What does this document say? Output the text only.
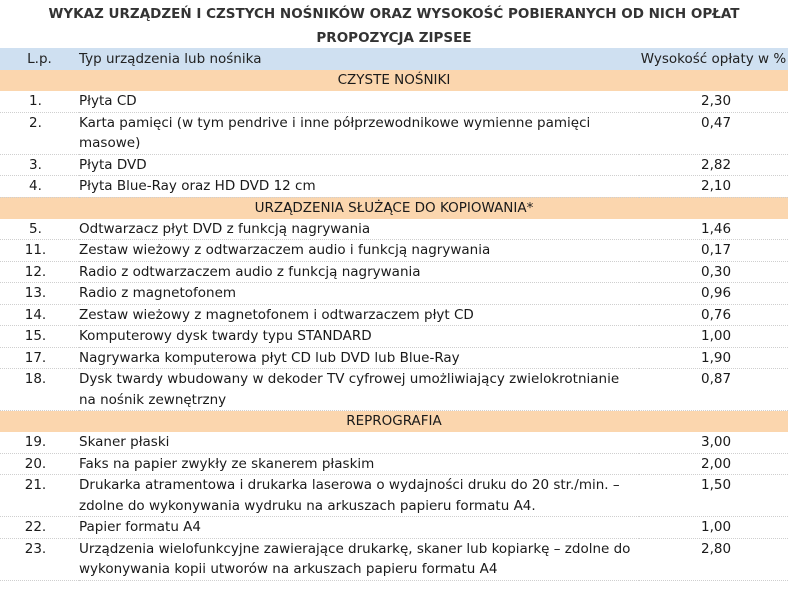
WYKAZ URZĄDZEŃ I CZSTYCH NOŚNIKÓW ORAZ WYSOKOŚĆ POBIERANYCH OD NICH OPŁAT
PROPOZYCJA ZIPSEE
L.p.	Typ urządzenia lub nośnika	Wysokość opłaty w %
CZYSTE NOŚNIKI		
1.	Płyta CD	2,30
2.	Karta pamięci (w tym pendrive i inne półprzewodnikowe wymienne pamięci masowe)	0,47
3.	Płyta DVD	2,82
4.	Płyta Blue-Ray oraz HD DVD 12 cm	2,10
URZĄDZENIA SŁUŻĄCE DO KOPIOWANIA*		
5.	Odtwarzacz płyt DVD z funkcją nagrywania	1,46
11.	Zestaw wieżowy z odtwarzaczem audio i funkcją nagrywania	0,17
12.	Radio z odtwarzaczem audio z funkcją nagrywania	0,30
13.	Radio z magnetofonem	0,96
14.	Zestaw wieżowy z magnetofonem i odtwarzaczem płyt CD	0,76
15.	Komputerowy dysk twardy typu STANDARD	1,00
17.	Nagrywarka komputerowa płyt CD lub DVD lub Blue-Ray	1,90
18.	Dysk twardy wbudowany w dekoder TV cyfrowej umożliwiający zwielokrotnianie na nośnik zewnętrzny	0,87
REPROGRAFIA		
19.	Skaner płaski	3,00
20.	Faks na papier zwykły ze skanerem płaskim	2,00
21.	Drukarka atramentowa i drukarka laserowa o wydajności druku do 20 str./min. – zdolne do wykonywania wydruku na arkuszach papieru formatu A4.	1,50
22.	Papier formatu A4	1,00
23.	Urządzenia wielofunkcyjne zawierające drukarkę, skaner lub kopiarkę – zdolne do wykonywania kopii utworów na arkuszach papieru formatu A4	2,80
